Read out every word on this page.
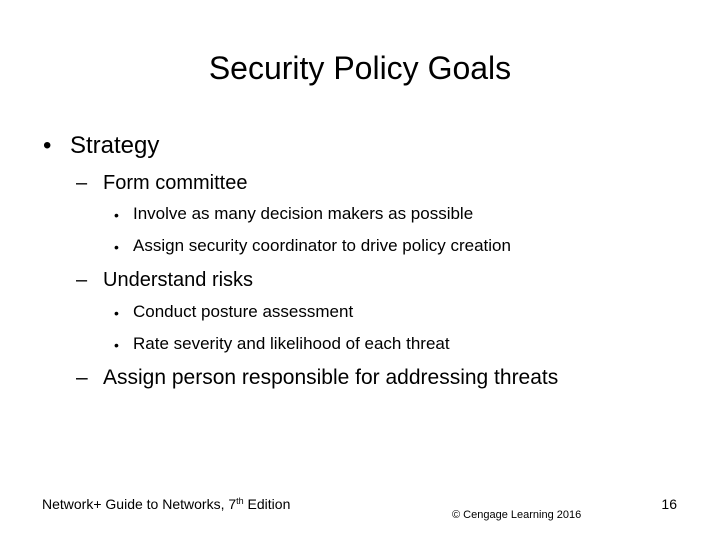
Security Policy Goals
• Strategy
– Form committee
• Involve as many decision makers as possible
• Assign security coordinator to drive policy creation
– Understand risks
• Conduct posture assessment
• Rate severity and likelihood of each threat
– Assign person responsible for addressing threats
Network+ Guide to Networks, 7th Edition
© Cengage Learning 2016
16
